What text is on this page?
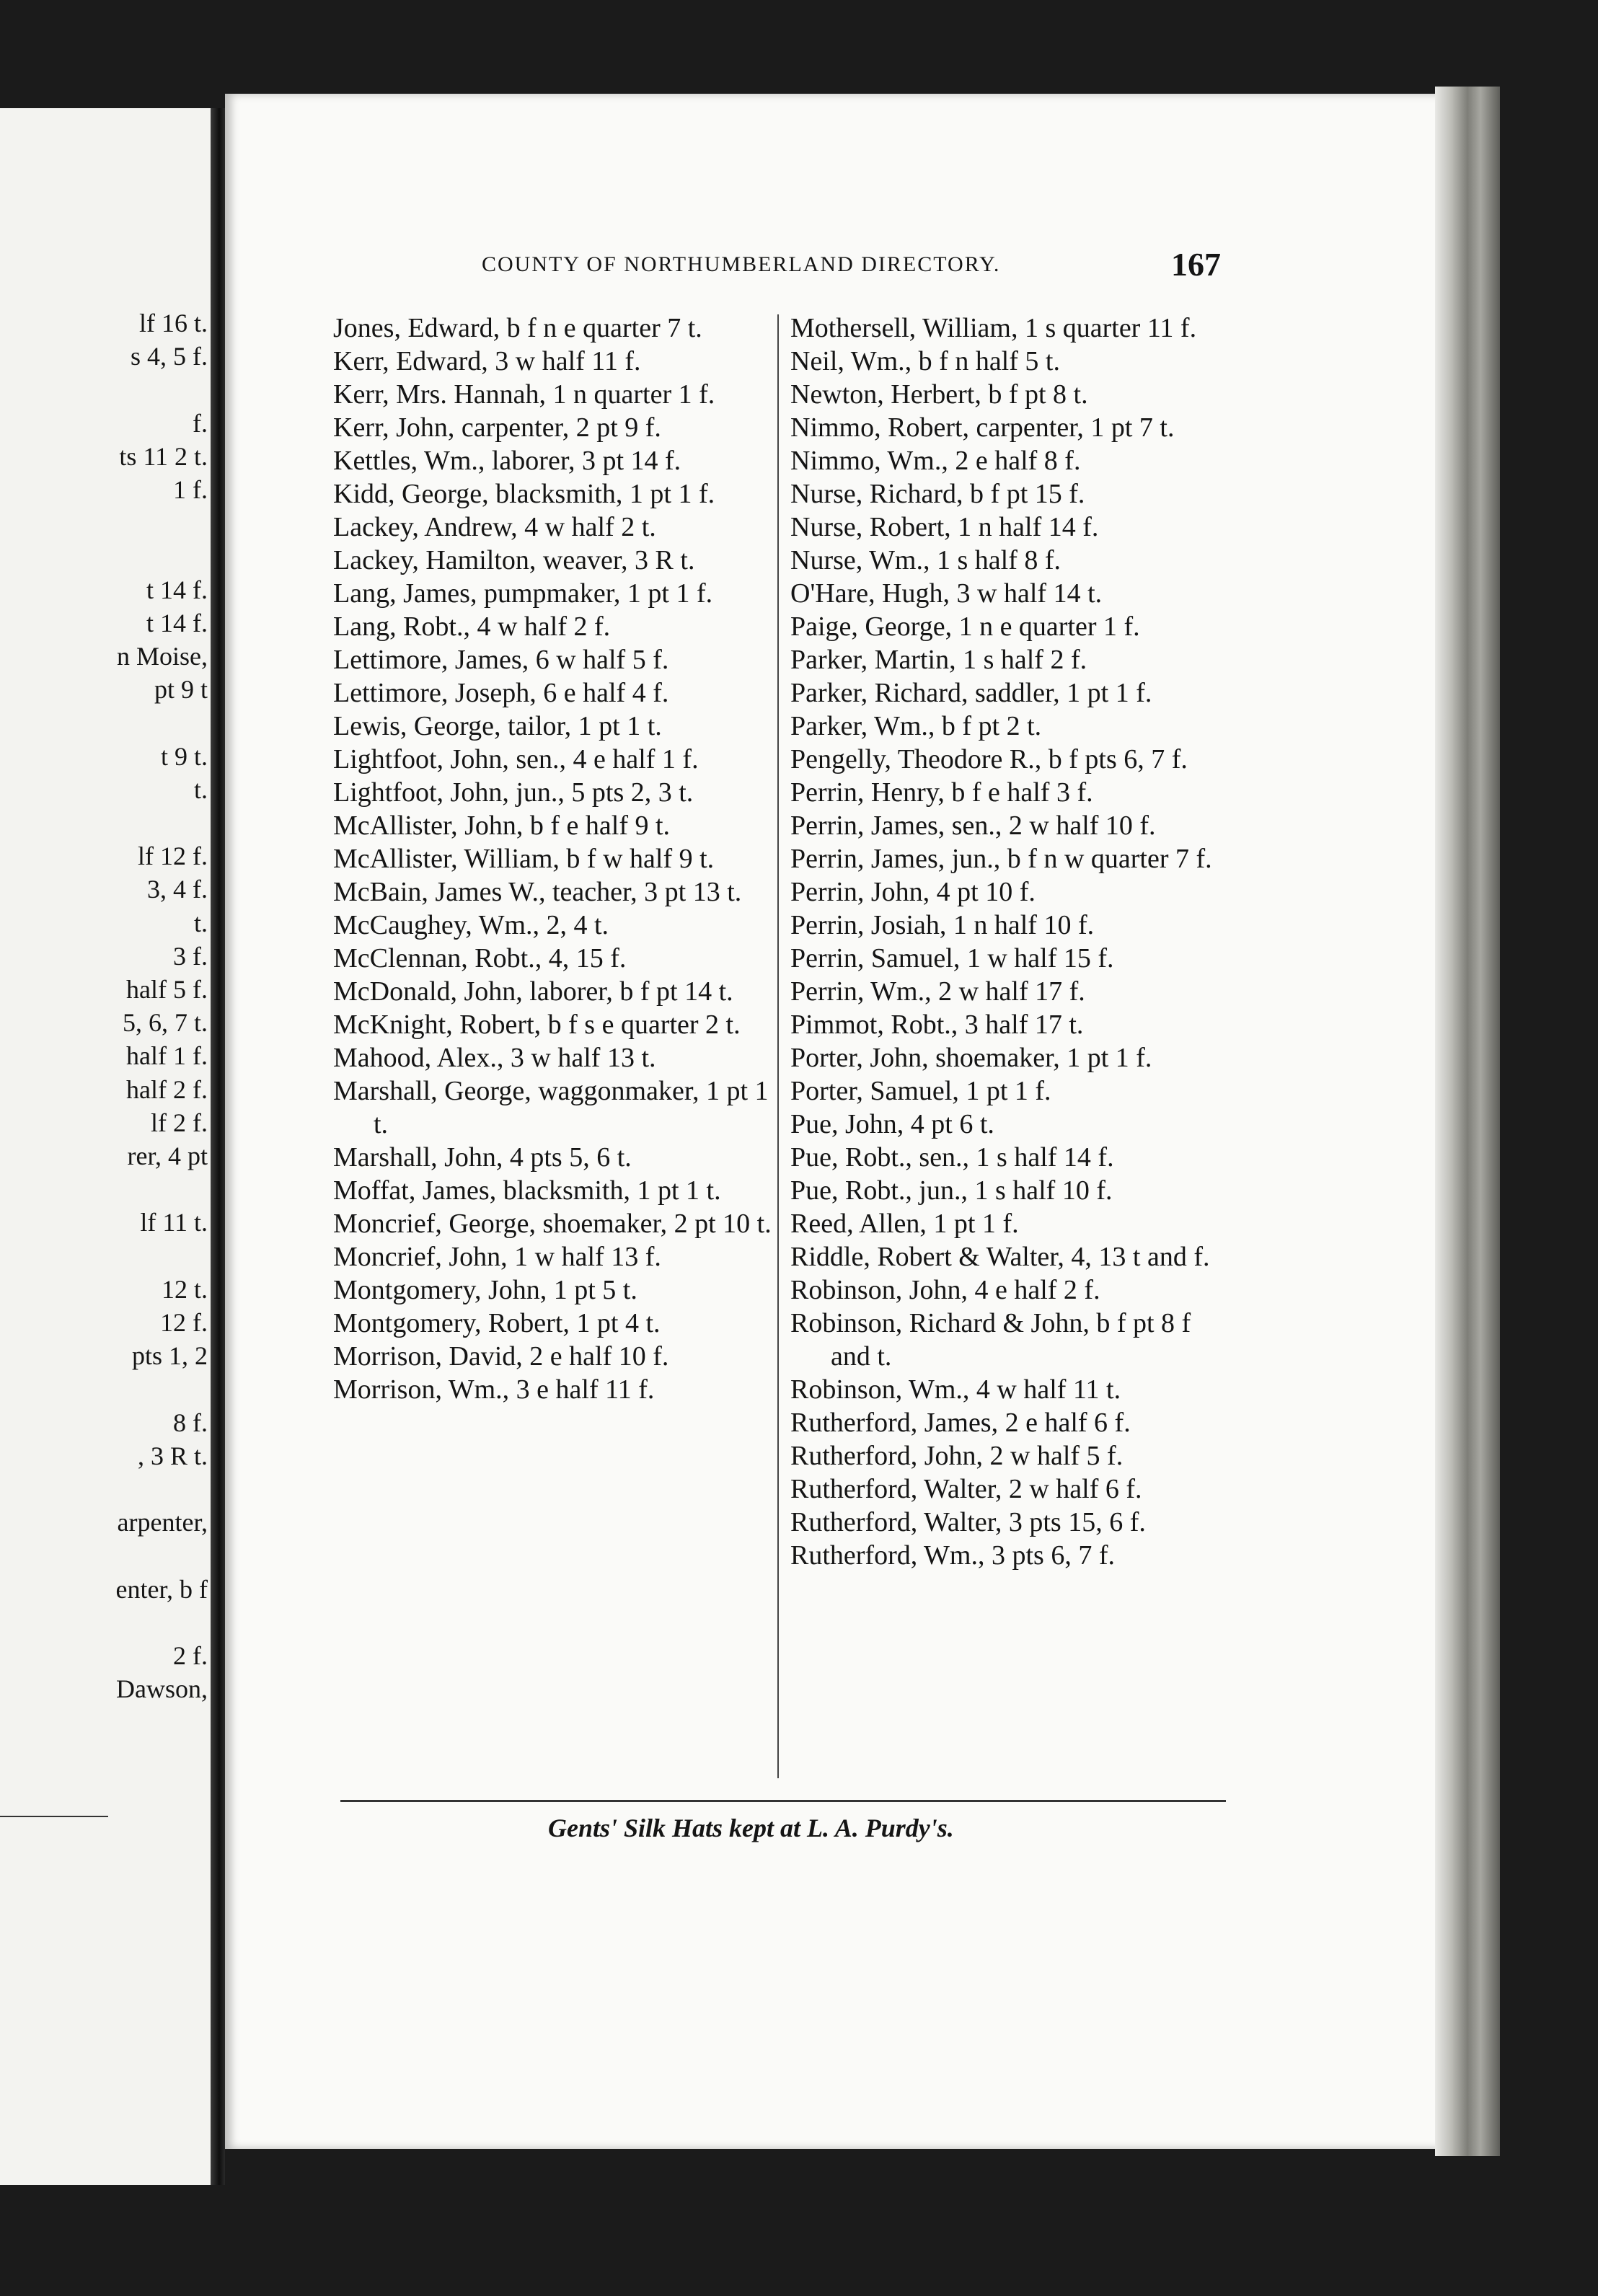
lf 16 t.
s 4, 5 f.
f.
ts 11 2 t.
1 f.
t 14 f.
t 14 f.
n Moise,
pt 9 t
t 9 t.
t.
lf 12 f.
3, 4 f.
t.
3 f.
half 5 f.
5, 6, 7 t.
half 1 f.
half 2 f.
lf 2 f.
rer, 4 pt
lf 11 t.
12 t.
12 f.
pts 1, 2
8 f.
, 3 R t.
arpenter,
enter, b f
2 f.
Dawson,
COUNTY OF NORTHUMBERLAND DIRECTORY.	167
Jones, Edward, b f n e quarter 7 t.
Kerr, Edward, 3 w half 11 f.
Kerr, Mrs. Hannah, 1 n quarter 1 f.
Kerr, John, carpenter, 2 pt 9 f.
Kettles, Wm., laborer, 3 pt 14 f.
Kidd, George, blacksmith, 1 pt 1 f.
Lackey, Andrew, 4 w half 2 t.
Lackey, Hamilton, weaver, 3 R t.
Lang, James, pumpmaker, 1 pt 1 f.
Lang, Robt., 4 w half 2 f.
Lettimore, James, 6 w half 5 f.
Lettimore, Joseph, 6 e half 4 f.
Lewis, George, tailor, 1 pt 1 t.
Lightfoot, John, sen., 4 e half 1 f.
Lightfoot, John, jun., 5 pts 2, 3 t.
McAllister, John, b f e half 9 t.
McAllister, William, b f w half 9 t.
McBain, James W., teacher, 3 pt 13 t.
McCaughey, Wm., 2, 4 t.
McClennan, Robt., 4, 15 f.
McDonald, John, laborer, b f pt 14 t.
McKnight, Robert, b f s e quarter 2 t.
Mahood, Alex., 3 w half 13 t.
Marshall, George, waggonmaker, 1 pt 1 t.
Marshall, John, 4 pts 5, 6 t.
Moffat, James, blacksmith, 1 pt 1 t.
Moncrief, George, shoemaker, 2 pt 10 t.
Moncrief, John, 1 w half 13 f.
Montgomery, John, 1 pt 5 t.
Montgomery, Robert, 1 pt 4 t.
Morrison, David, 2 e half 10 f.
Morrison, Wm., 3 e half 11 f.
Mothersell, William, 1 s quarter 11 f.
Neil, Wm., b f n half 5 t.
Newton, Herbert, b f pt 8 t.
Nimmo, Robert, carpenter, 1 pt 7 t.
Nimmo, Wm., 2 e half 8 f.
Nurse, Richard, b f pt 15 f.
Nurse, Robert, 1 n half 14 f.
Nurse, Wm., 1 s half 8 f.
O'Hare, Hugh, 3 w half 14 t.
Paige, George, 1 n e quarter 1 f.
Parker, Martin, 1 s half 2 f.
Parker, Richard, saddler, 1 pt 1 f.
Parker, Wm., b f pt 2 t.
Pengelly, Theodore R., b f pts 6, 7 f.
Perrin, Henry, b f e half 3 f.
Perrin, James, sen., 2 w half 10 f.
Perrin, James, jun., b f n w quarter 7 f.
Perrin, John, 4 pt 10 f.
Perrin, Josiah, 1 n half 10 f.
Perrin, Samuel, 1 w half 15 f.
Perrin, Wm., 2 w half 17 f.
Pimmot, Robt., 3 half 17 t.
Porter, John, shoemaker, 1 pt 1 f.
Porter, Samuel, 1 pt 1 f.
Pue, John, 4 pt 6 t.
Pue, Robt., sen., 1 s half 14 f.
Pue, Robt., jun., 1 s half 10 f.
Reed, Allen, 1 pt 1 f.
Riddle, Robert & Walter, 4, 13 t and f.
Robinson, John, 4 e half 2 f.
Robinson, Richard & John, b f pt 8 f and t.
Robinson, Wm., 4 w half 11 t.
Rutherford, James, 2 e half 6 f.
Rutherford, John, 2 w half 5 f.
Rutherford, Walter, 2 w half 6 f.
Rutherford, Walter, 3 pts 15, 6 f.
Rutherford, Wm., 3 pts 6, 7 f.
Gents' Silk Hats kept at L. A. Purdy's.
